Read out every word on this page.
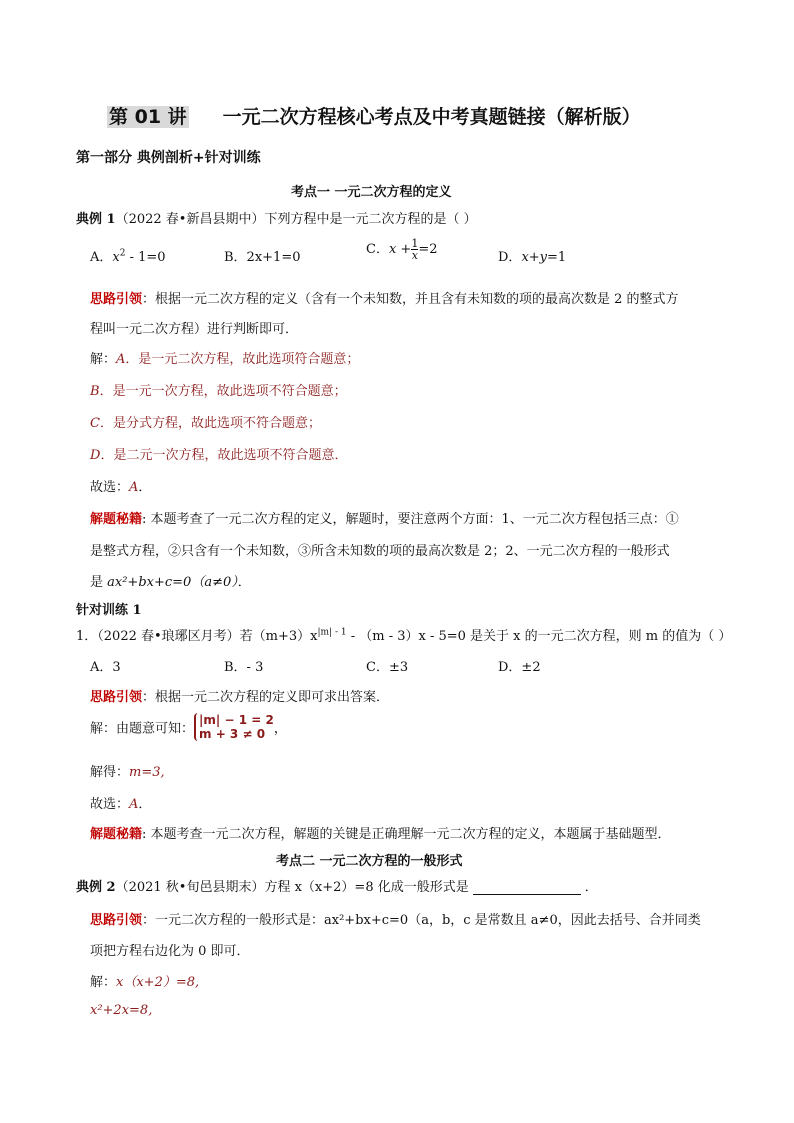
第 01 讲 一元二次方程核心考点及中考真题链接（解析版）
第一部分 典例剖析+针对训练
考点一 一元二次方程的定义
典例 1（2022 春•新昌县期中）下列方程中是一元二次方程的是（ ）
A．$x^2 - 1=0$	B．2x+1=0
C．$x + \frac{1}{x} =2$
D．x+y=1
思路引领：根据一元二次方程的定义（含有一个未知数，并且含有未知数的项的最高次数是 2 的整式方
程叫一元二次方程）进行判断即可．
解：A．是一元二次方程，故此选项符合题意；
B．是一元一次方程，故此选项不符合题意；
C．是分式方程，故此选项不符合题意；
D．是二元一次方程，故此选项不符合题意．
故选：A．
解题秘籍: 本题考查了一元二次方程的定义，解题时，要注意两个方面：1、一元二次方程包括三点：①
是整式方程，②只含有一个未知数，③所含未知数的项的最高次数是 2；2、一元二次方程的一般形式
是 ax²+bx+c=0（a≠0）．
针对训练 1
1．（2022 春•琅琊区月考）若$(m+3)x^{|m| - 1} - (m - 3)x - 5=0$ 是关于 x 的一元二次方程，则 m 的值为（ ）
A．3	B．- 3	C．±3	D．±2
思路引领：根据一元二次方程的定义即可求出答案．
解：由题意可知：
|m| − 1 = 2
m + 3 ≠ 0 ，
解得：m=3,
故选：A．
解题秘籍: 本题考查一元二次方程，解题的关键是正确理解一元二次方程的定义，本题属于基础题型．
考点二 一元二次方程的一般形式
典例 2（2021 秋•旬邑县期末）方程 x（x+2）=8 化成一般形式是	．
思路引领：一元二次方程的一般形式是：ax²+bx+c=0（a，b，c 是常数且 a≠0，因此去括号、合并同类
项把方程右边化为 0 即可．
解：x（x+2）=8,
x²+2x=8,
